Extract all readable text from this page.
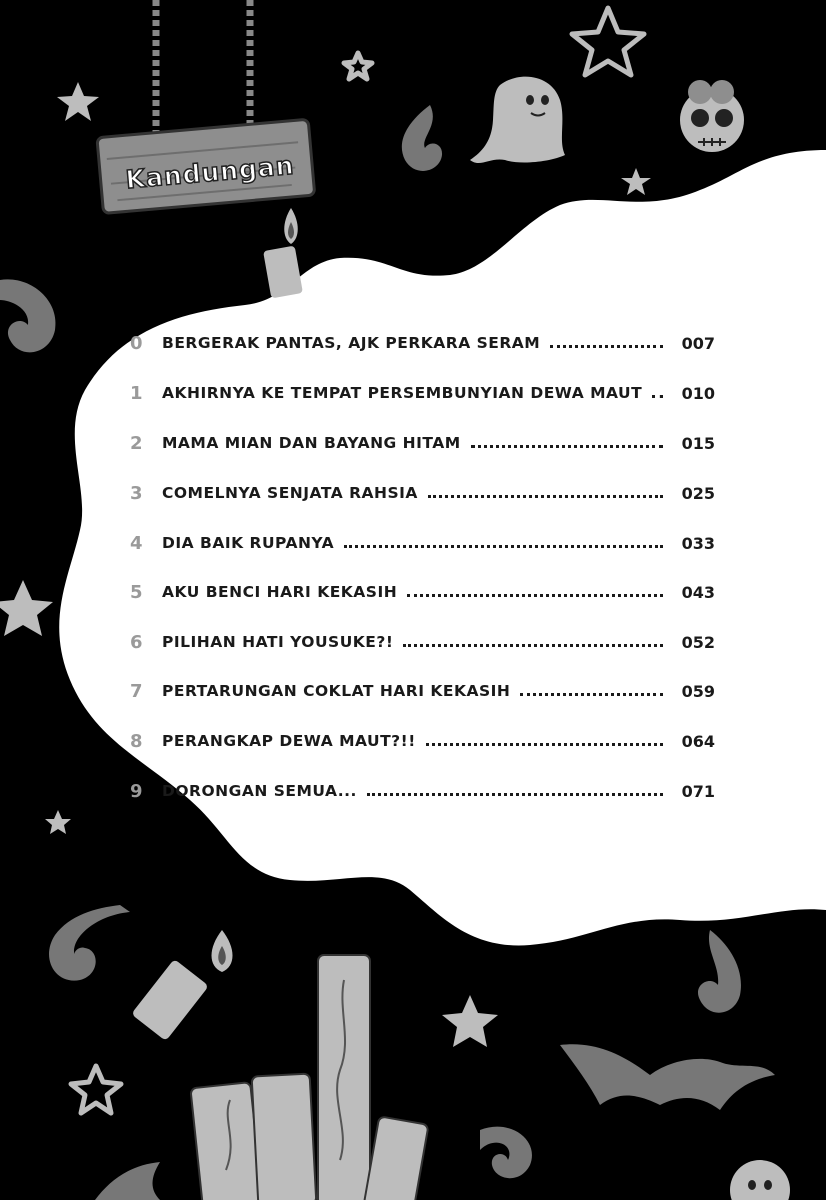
Kandungan
0	BERGERAK PANTAS, AJK PERKARA SERAM	007
1	AKHIRNYA KE TEMPAT PERSEMBUNYIAN DEWA MAUT	010
2	MAMA MIAN DAN BAYANG HITAM	015
3	COMELNYA SENJATA RAHSIA	025
4	DIA BAIK RUPANYA	033
5	AKU BENCI HARI KEKASIH	043
6	PILIHAN HATI YOUSUKE?!	052
7	PERTARUNGAN COKLAT HARI KEKASIH	059
8	PERANGKAP DEWA MAUT?!!	064
9	DORONGAN SEMUA...	071
